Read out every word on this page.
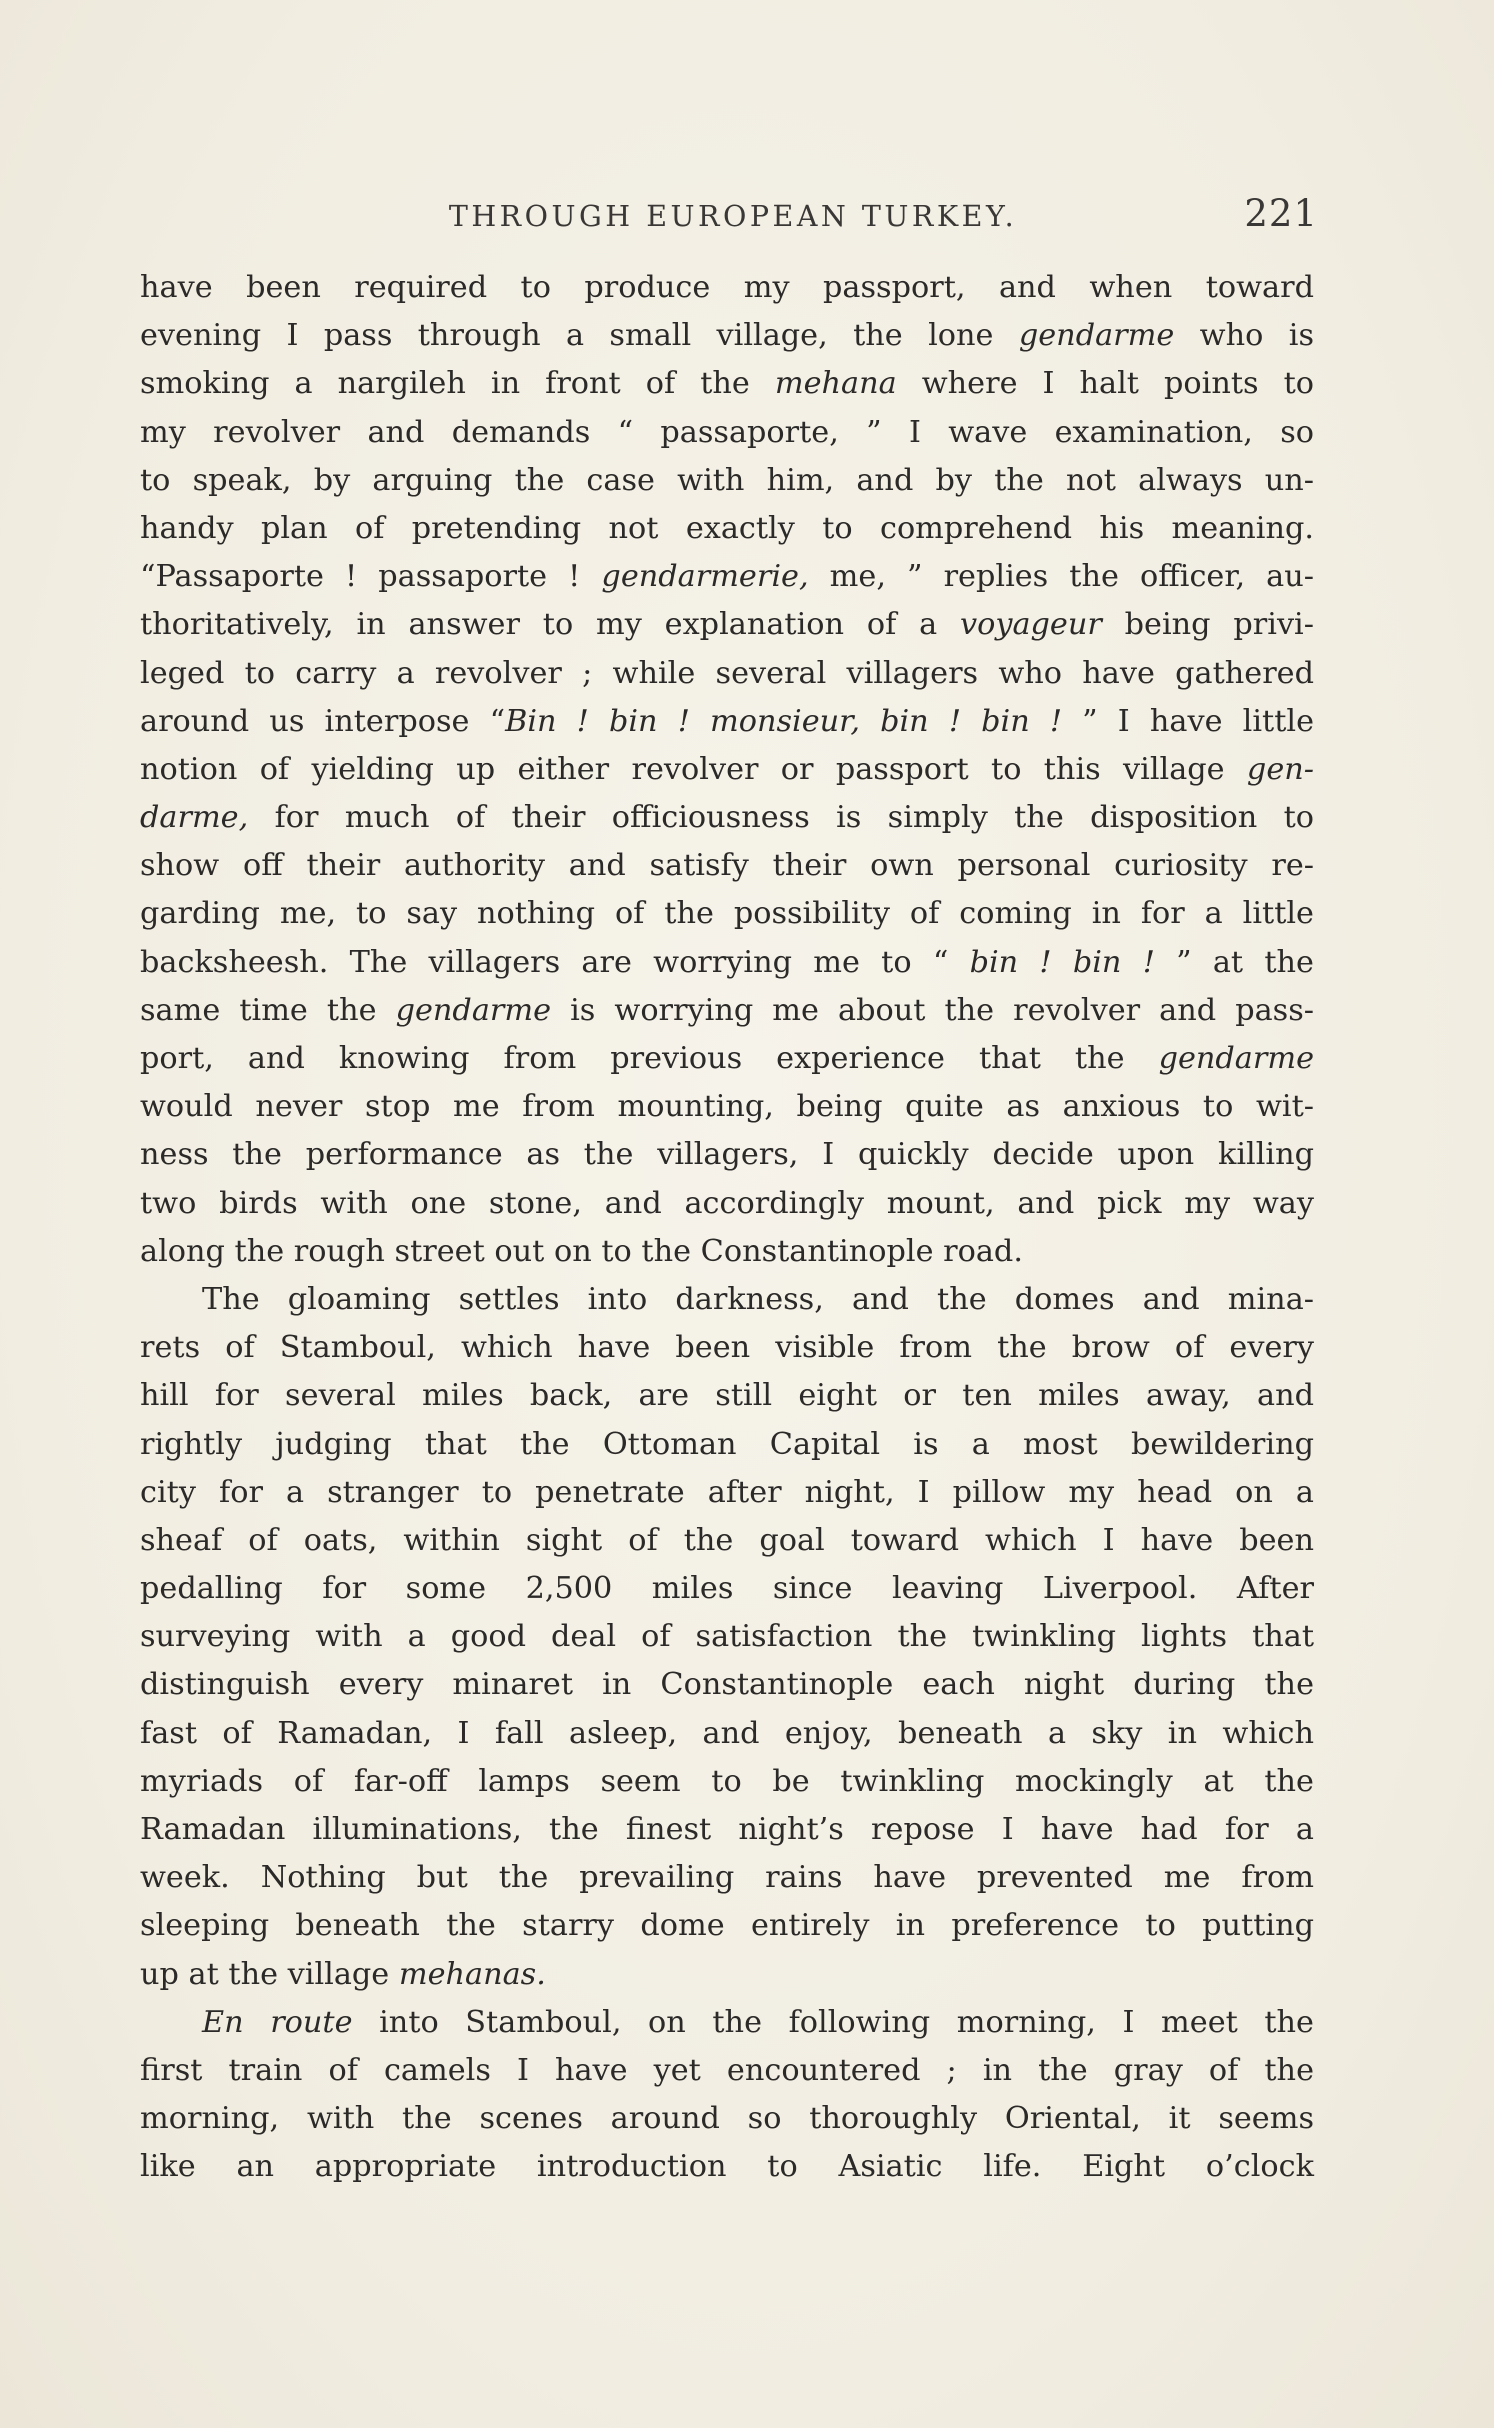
THROUGH EUROPEAN TURKEY.	221
have been required to produce my passport, and when toward
evening I pass through a small village, the lone gendarme who is
smoking a nargileh in front of the mehana where I halt points to
my revolver and demands “ passaporte, ” I wave examination, so
to speak, by arguing the case with him, and by the not always un-
handy plan of pretending not exactly to comprehend his meaning.
“Passaporte ! passaporte ! gendarmerie, me, ” replies the officer, au-
thoritatively, in answer to my explanation of a voyageur being privi-
leged to carry a revolver ; while several villagers who have gathered
around us interpose “Bin ! bin ! monsieur, bin ! bin ! ” I have little
notion of yielding up either revolver or passport to this village gen-
darme, for much of their officiousness is simply the disposition to
show off their authority and satisfy their own personal curiosity re-
garding me, to say nothing of the possibility of coming in for a little
backsheesh. The villagers are worrying me to “ bin ! bin ! ” at the
same time the gendarme is worrying me about the revolver and pass-
port, and knowing from previous experience that the gendarme
would never stop me from mounting, being quite as anxious to wit-
ness the performance as the villagers, I quickly decide upon killing
two birds with one stone, and accordingly mount, and pick my way
along the rough street out on to the Constantinople road.
The gloaming settles into darkness, and the domes and mina-
rets of Stamboul, which have been visible from the brow of every
hill for several miles back, are still eight or ten miles away, and
rightly judging that the Ottoman Capital is a most bewildering
city for a stranger to penetrate after night, I pillow my head on a
sheaf of oats, within sight of the goal toward which I have been
pedalling for some 2,500 miles since leaving Liverpool. After
surveying with a good deal of satisfaction the twinkling lights that
distinguish every minaret in Constantinople each night during the
fast of Ramadan, I fall asleep, and enjoy, beneath a sky in which
myriads of far-off lamps seem to be twinkling mockingly at the
Ramadan illuminations, the finest night’s repose I have had for a
week. Nothing but the prevailing rains have prevented me from
sleeping beneath the starry dome entirely in preference to putting
up at the village mehanas.
En route into Stamboul, on the following morning, I meet the
first train of camels I have yet encountered ; in the gray of the
morning, with the scenes around so thoroughly Oriental, it seems
like an appropriate introduction to Asiatic life. Eight o’clock
